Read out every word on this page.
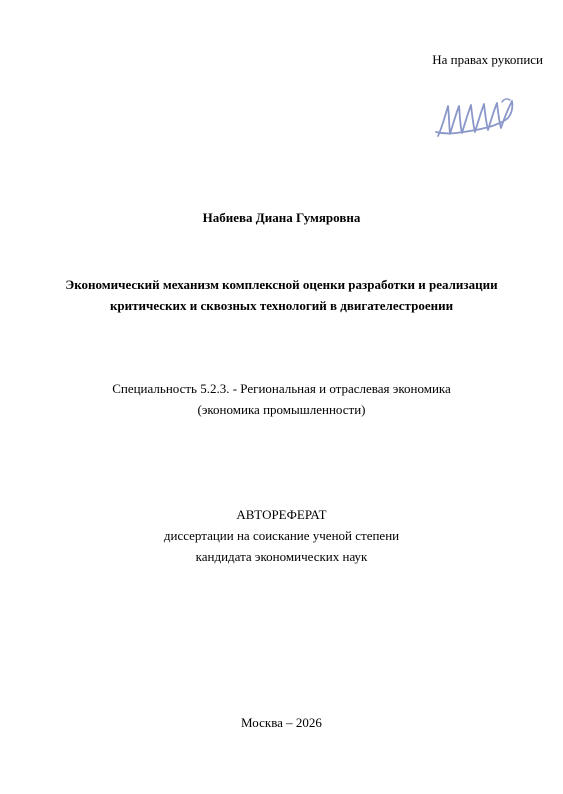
На правах рукописи
Набиева Диана Гумяровна
Экономический механизм комплексной оценки разработки и реализации
критических и сквозных технологий в двигателестроении
Специальность 5.2.3. - Региональная и отраслевая экономика
(экономика промышленности)
АВТОРЕФЕРАТ
диссертации на соискание ученой степени
кандидата экономических наук
Москва – 2026
